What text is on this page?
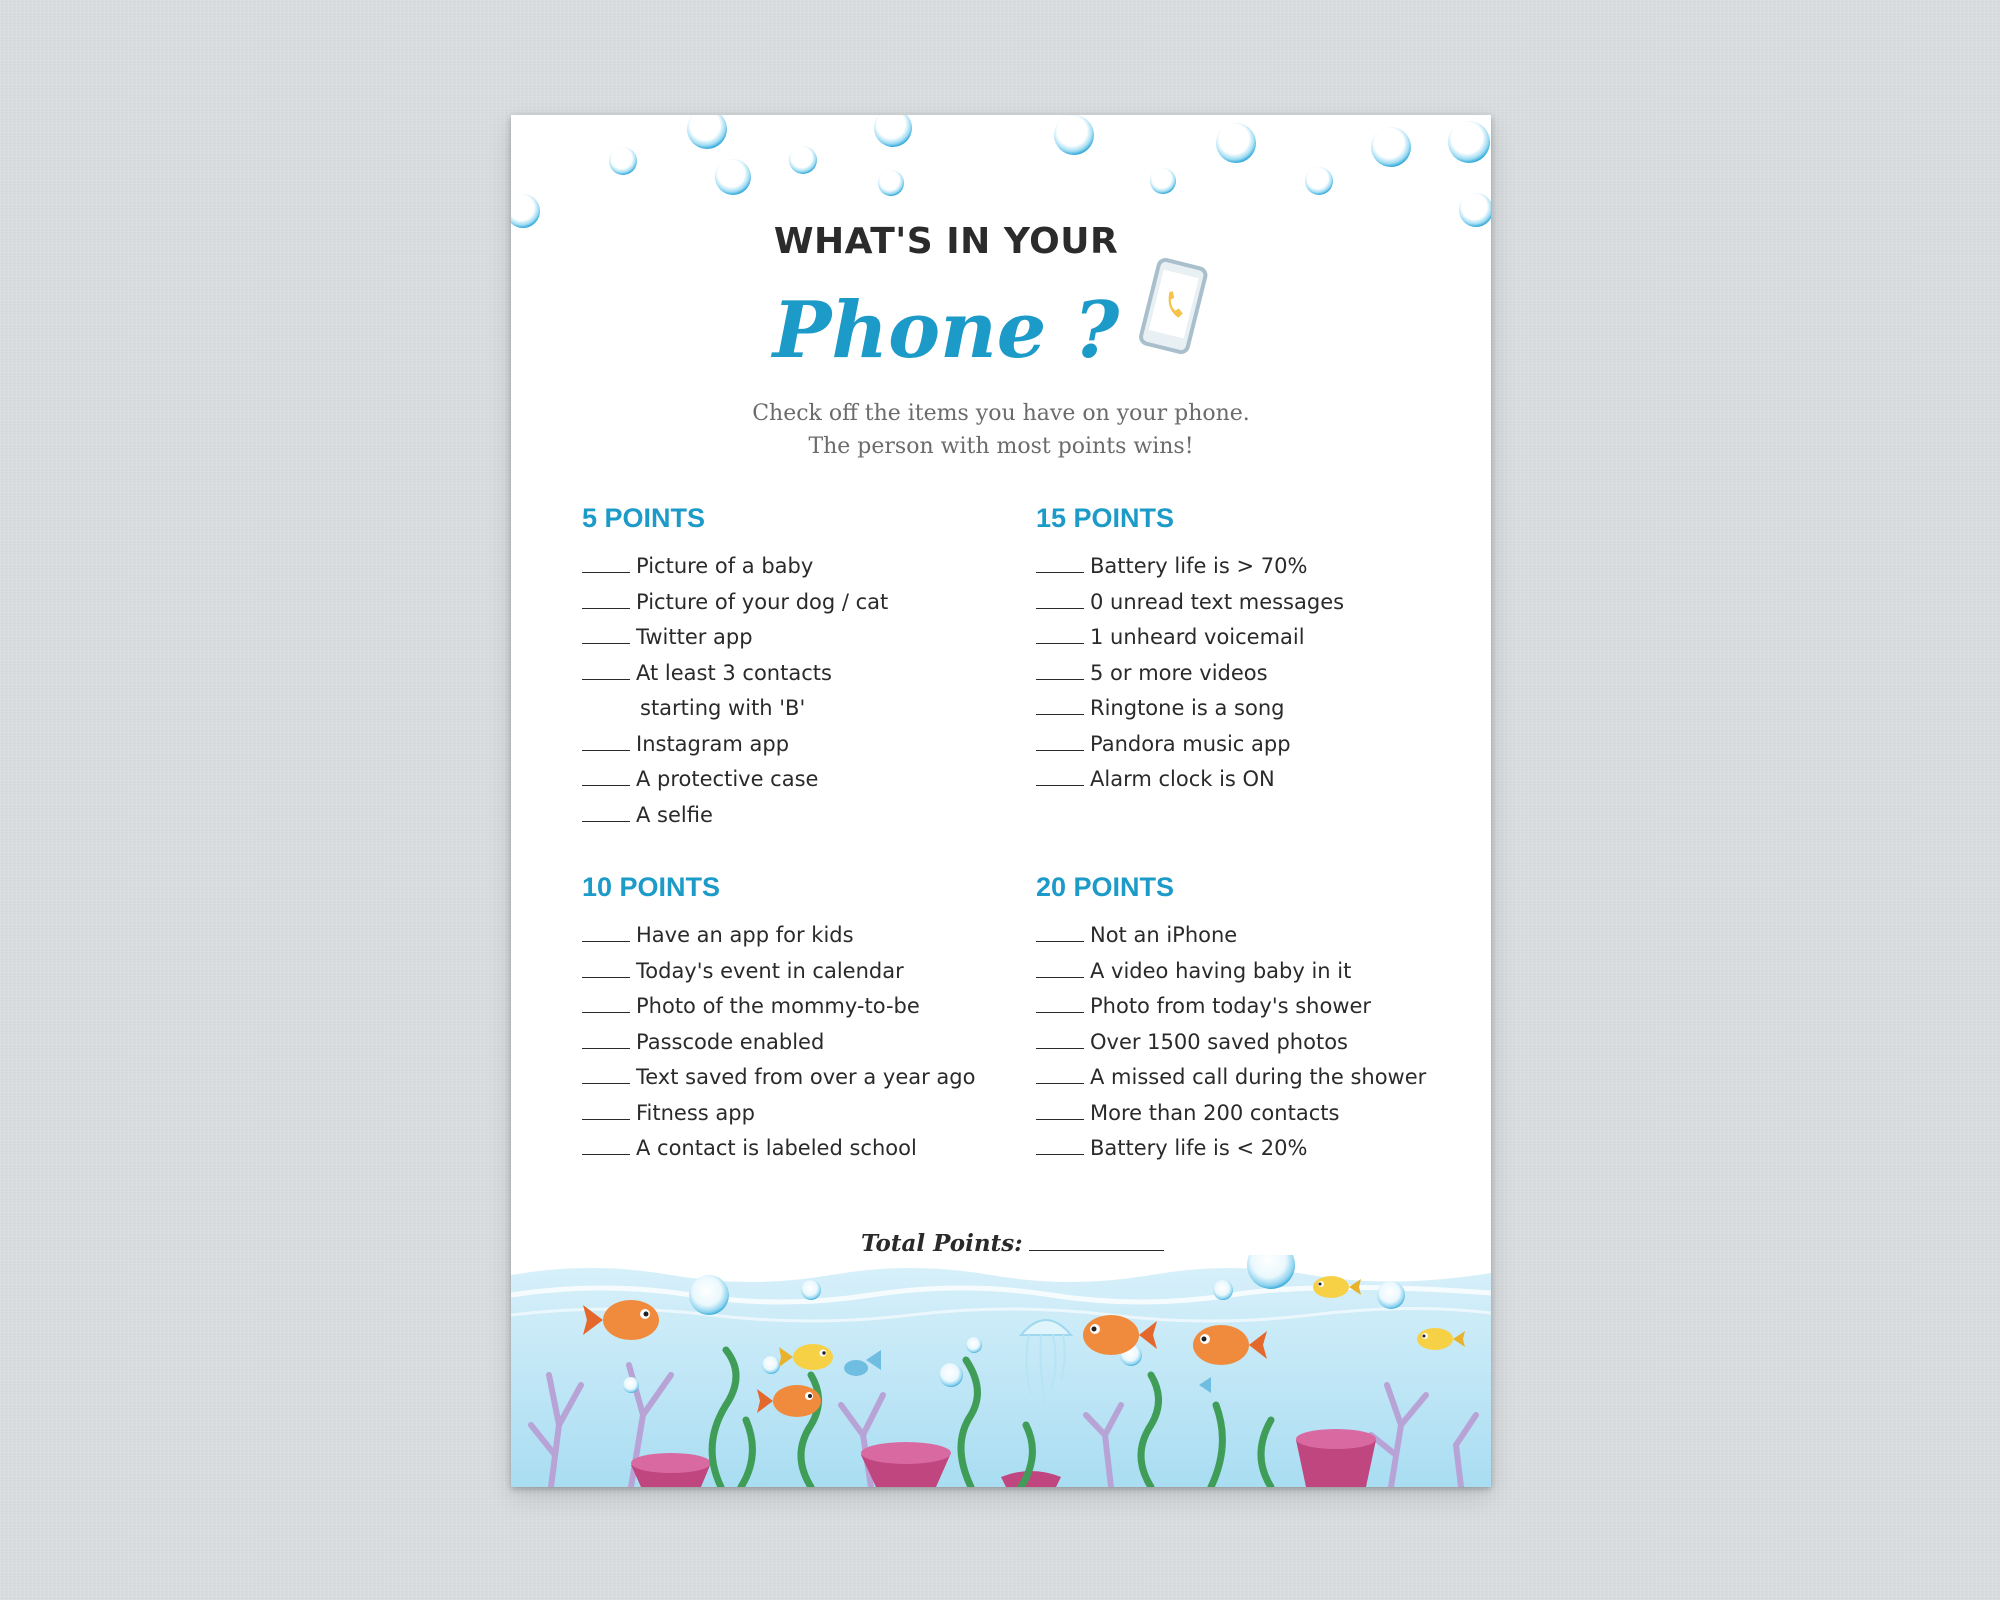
WHAT'S IN YOUR
Phone ?
Check off the items you have on your phone.
The person with most points wins!
5 POINTS
Picture of a baby
Picture of your dog / cat
Twitter app
At least 3 contacts
starting with 'B'
Instagram app
A protective case
A selfie
15 POINTS
Battery life is > 70%
0 unread text messages
1 unheard voicemail
5 or more videos
Ringtone is a song
Pandora music app
Alarm clock is ON
10 POINTS
Have an app for kids
Today's event in calendar
Photo of the mommy-to-be
Passcode enabled
Text saved from over a year ago
Fitness app
A contact is labeled school
20 POINTS
Not an iPhone
A video having baby in it
Photo from today's shower
Over 1500 saved photos
A missed call during the shower
More than 200 contacts
Battery life is < 20%
Total Points:
